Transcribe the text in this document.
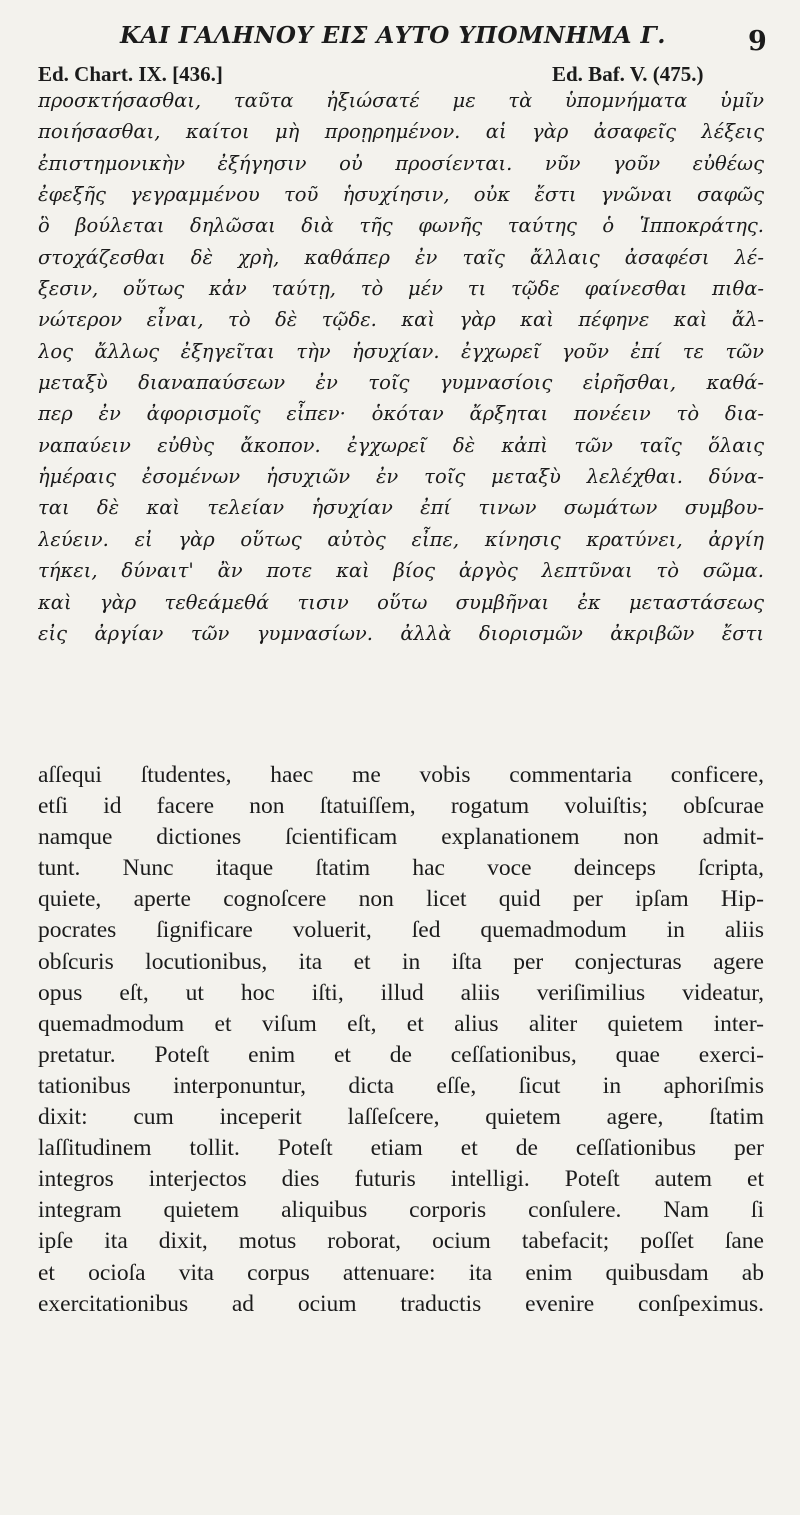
ΚΑΙ ΓΑΛΗΝΟΥ ΕΙΣ ΑΥΤΟ ΥΠΟΜΝΗΜΑ Γ.	9
Ed. Chart. IX. [436.]	Ed. Baf. V. (475.)
προσκτήσασθαι, ταῦτα ἠξιώσατέ με τὰ ὑπομνήματα ὑμῖν
ποιήσασθαι, καίτοι μὴ προῃρημένον. αἱ γὰρ ἀσαφεῖς λέξεις
ἐπιστημονικὴν ἐξήγησιν οὐ προσίενται. νῦν γοῦν εὐθέως
ἐφεξῆς γεγραμμένου τοῦ ἡσυχίησιν, οὐκ ἔστι γνῶναι σαφῶς
ὃ βούλεται δηλῶσαι διὰ τῆς φωνῆς ταύτης ὁ Ἱπποκράτης.
στοχάζεσθαι δὲ χρὴ, καθάπερ ἐν ταῖς ἄλλαις ἀσαφέσι λέ-
ξεσιν, οὕτως κἀν ταύτῃ, τὸ μέν τι τῷδε φαίνεσθαι πιθα-
νώτερον εἶναι, τὸ δὲ τῷδε. καὶ γὰρ καὶ πέφηνε καὶ ἄλ-
λος ἄλλως ἐξηγεῖται τὴν ἡσυχίαν. ἐγχωρεῖ γοῦν ἐπί τε τῶν
μεταξὺ διαναπαύσεων ἐν τοῖς γυμνασίοις εἰρῆσθαι, καθά-
περ ἐν ἀφορισμοῖς εἶπεν· ὁκόταν ἄρξηται πονέειν τὸ δια-
ναπαύειν εὐθὺς ἄκοπον. ἐγχωρεῖ δὲ κἀπὶ τῶν ταῖς ὅλαις
ἡμέραις ἐσομένων ἡσυχιῶν ἐν τοῖς μεταξὺ λελέχθαι. δύνα-
ται δὲ καὶ τελείαν ἡσυχίαν ἐπί τινων σωμάτων συμβου-
λεύειν. εἰ γὰρ οὕτως αὐτὸς εἶπε, κίνησις κρατύνει, ἀργίη
τήκει, δύναιτ' ἂν ποτε καὶ βίος ἀργὸς λεπτῦναι τὸ σῶμα.
καὶ γὰρ τεθεάμεθά τισιν οὕτω συμβῆναι ἐκ μεταστάσεως
εἰς ἀργίαν τῶν γυμνασίων. ἀλλὰ διορισμῶν ἀκριβῶν ἔστι
aſſequi ſtudentes, haec me vobis commentaria conficere,
etſi id facere non ſtatuiſſem, rogatum voluiſtis; obſcurae
namque dictiones ſcientificam explanationem non admit-
tunt. Nunc itaque ſtatim hac voce deinceps ſcripta,
quiete, aperte cognoſcere non licet quid per ipſam Hip-
pocrates ſignificare voluerit, ſed quemadmodum in aliis
obſcuris locutionibus, ita et in iſta per conjecturas agere
opus eſt, ut hoc iſti, illud aliis veriſimilius videatur,
quemadmodum et viſum eſt, et alius aliter quietem inter-
pretatur. Poteſt enim et de ceſſationibus, quae exerci-
tationibus interponuntur, dicta eſſe, ſicut in aphoriſmis
dixit: cum inceperit laſſeſcere, quietem agere, ſtatim
laſſitudinem tollit. Poteſt etiam et de ceſſationibus per
integros interjectos dies futuris intelligi. Poteſt autem et
integram quietem aliquibus corporis conſulere. Nam ſi
ipſe ita dixit, motus roborat, ocium tabefacit; poſſet ſane
et ocioſa vita corpus attenuare: ita enim quibusdam ab
exercitationibus ad ocium traductis evenire conſpeximus.
